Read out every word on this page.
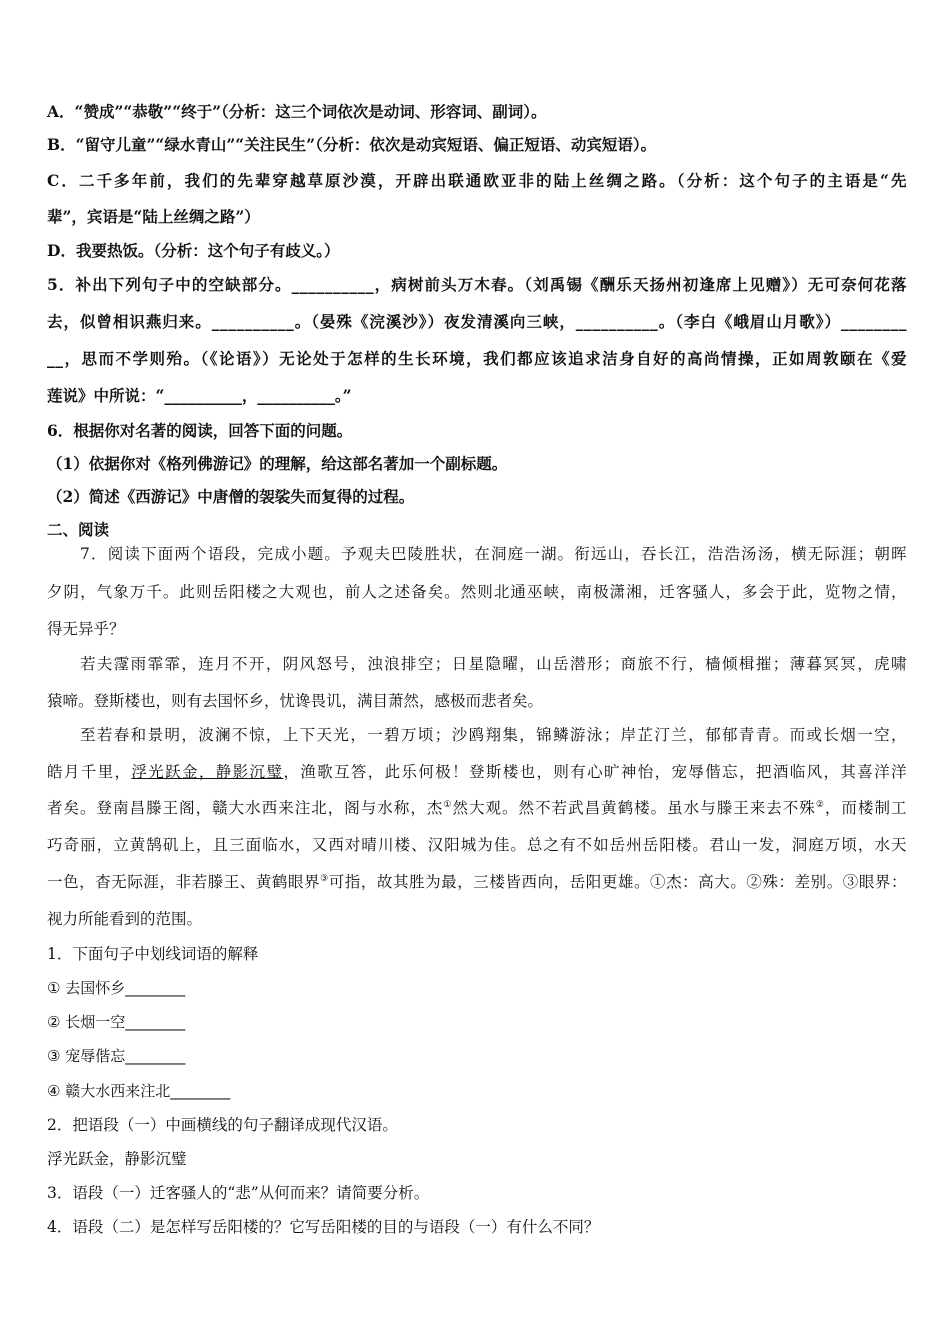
A．“赞成”“恭敬”“终于”（分析：这三个词依次是动词、形容词、副词）。

B．“留守儿童”“绿水青山”“关注民生”（分析：依次是动宾短语、偏正短语、动宾短语）。

C．二千多年前，我们的先辈穿越草原沙漠，开辟出联通欧亚非的陆上丝绸之路。（分析：这个句子的主语是“先

辈”，宾语是“陆上丝绸之路”）

D．我要热饭。（分析：这个句子有歧义。）

5．补出下列句子中的空缺部分。__________，病树前头万木春。（刘禹锡《酬乐天扬州初逢席上见赠》）无可奈何花落

去，似曾相识燕归来。__________。（晏殊《浣溪沙》）夜发清溪向三峡，__________。（李白《峨眉山月歌》）________

__，思而不学则殆。（《论语》）无论处于怎样的生长环境，我们都应该追求洁身自好的高尚情操，正如周敦颐在《爱

莲说》中所说：“__________，__________。”

6．根据你对名著的阅读，回答下面的问题。

（1）依据你对《格列佛游记》的理解，给这部名著加一个副标题。

（2）简述《西游记》中唐僧的袈裟失而复得的过程。

二、阅读

7．阅读下面两个语段，完成小题。予观夫巴陵胜状，在洞庭一湖。衔远山，吞长江，浩浩汤汤，横无际涯；朝晖

夕阴，气象万千。此则岳阳楼之大观也，前人之述备矣。然则北通巫峡，南极潇湘，迁客骚人，多会于此，览物之情，

得无异乎？

若夫霪雨霏霏，连月不开，阴风怒号，浊浪排空；日星隐曜，山岳潜形；商旅不行，樯倾楫摧；薄暮冥冥，虎啸

猿啼。登斯楼也，则有去国怀乡，忧谗畏讥，满目萧然，感极而悲者矣。

至若春和景明，波澜不惊，上下天光，一碧万顷；沙鸥翔集，锦鳞游泳；岸芷汀兰，郁郁青青。而或长烟一空，

皓月千里，浮光跃金，静影沉璧，渔歌互答，此乐何极！登斯楼也，则有心旷神怡，宠辱偕忘，把酒临风，其喜洋洋

者矣。登南昌滕王阁，赣大水西来注北，阁与水称，杰①然大观。然不若武昌黄鹤楼。虽水与滕王来去不殊②，而楼制工

巧奇丽，立黄鹄矶上，且三面临水，又西对晴川楼、汉阳城为佳。总之有不如岳州岳阳楼。君山一发，洞庭万顷，水天

一色，杳无际涯，非若滕王、黄鹤眼界③可指，故其胜为最，三楼皆西向，岳阳更雄。①杰：高大。②殊：差别。③眼界：

视力所能看到的范围。

1．下面句子中划线词语的解释

① 去国怀乡________

② 长烟一空________

③ 宠辱偕忘________

④ 赣大水西来注北________

2．把语段（一）中画横线的句子翻译成现代汉语。

浮光跃金，静影沉璧

3．语段（一）迁客骚人的“悲”从何而来？请简要分析。

4．语段（二）是怎样写岳阳楼的？它写岳阳楼的目的与语段（一）有什么不同？
